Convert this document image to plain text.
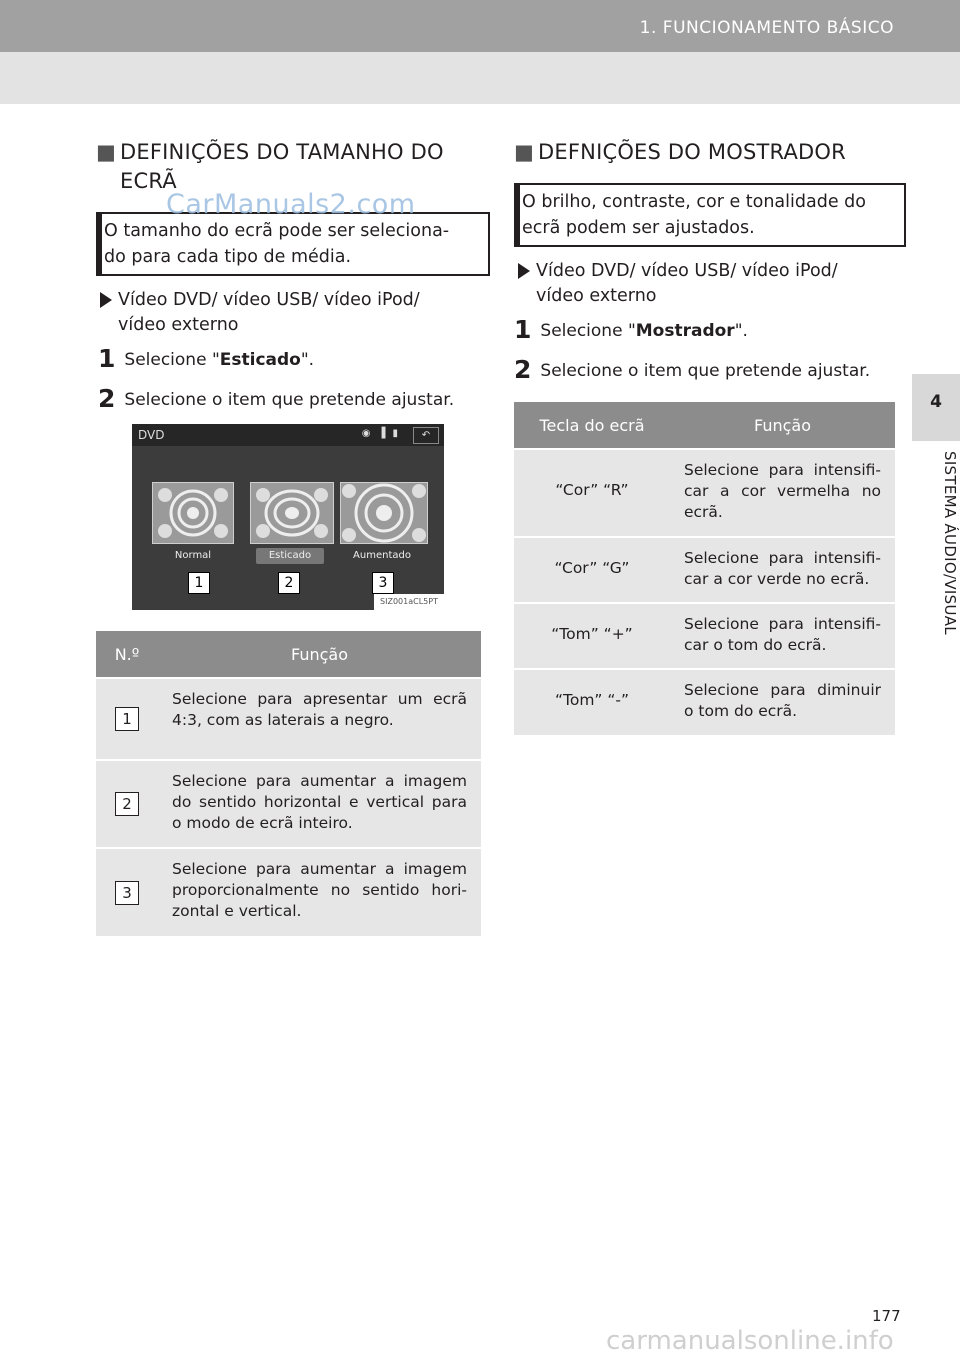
1. FUNCIONAMENTO BÁSICO
4
SISTEMA ÁUDIO/VISUAL
■ DEFINIÇÕES DO TAMANHO DO
ECRÃ
O tamanho do ecrã pode ser seleciona-
do para cada tipo de média.
Vídeo DVD/ vídeo USB/ vídeo iPod/
vídeo externo
1 Selecione "Esticado".
2 Selecione o item que pretende ajustar.
DVD	◉ ▐ ▮	↶
Normal	Esticado	Aumentado
1	2	3
SIZ001aCL5PT
N.º	Função
1	Selecione para apresentar um ecrã 4:3, com as laterais a negro.
2	Selecione para aumentar a imagem do sentido horizontal e vertical para o modo de ecrã inteiro.
3	Selecione para aumentar a imagem proporcionalmente no sentido hori- zontal e vertical.
■ DEFNIÇÕES DO MOSTRADOR
O brilho, contraste, cor e tonalidade do
ecrã podem ser ajustados.
Vídeo DVD/ vídeo USB/ vídeo iPod/
vídeo externo
1 Selecione "Mostrador".
2 Selecione o item que pretende ajustar.
Tecla do ecrã	Função
“Cor” “R”	Selecione para intensifi- car a cor vermelha no ecrã.
“Cor” “G”	Selecione para intensifi- car a cor verde no ecrã.
“Tom” “+”	Selecione para intensifi- car o tom do ecrã.
“Tom” “-”	Selecione para diminuir o tom do ecrã.
177
CarManuals2.com
carmanualsonline.info
